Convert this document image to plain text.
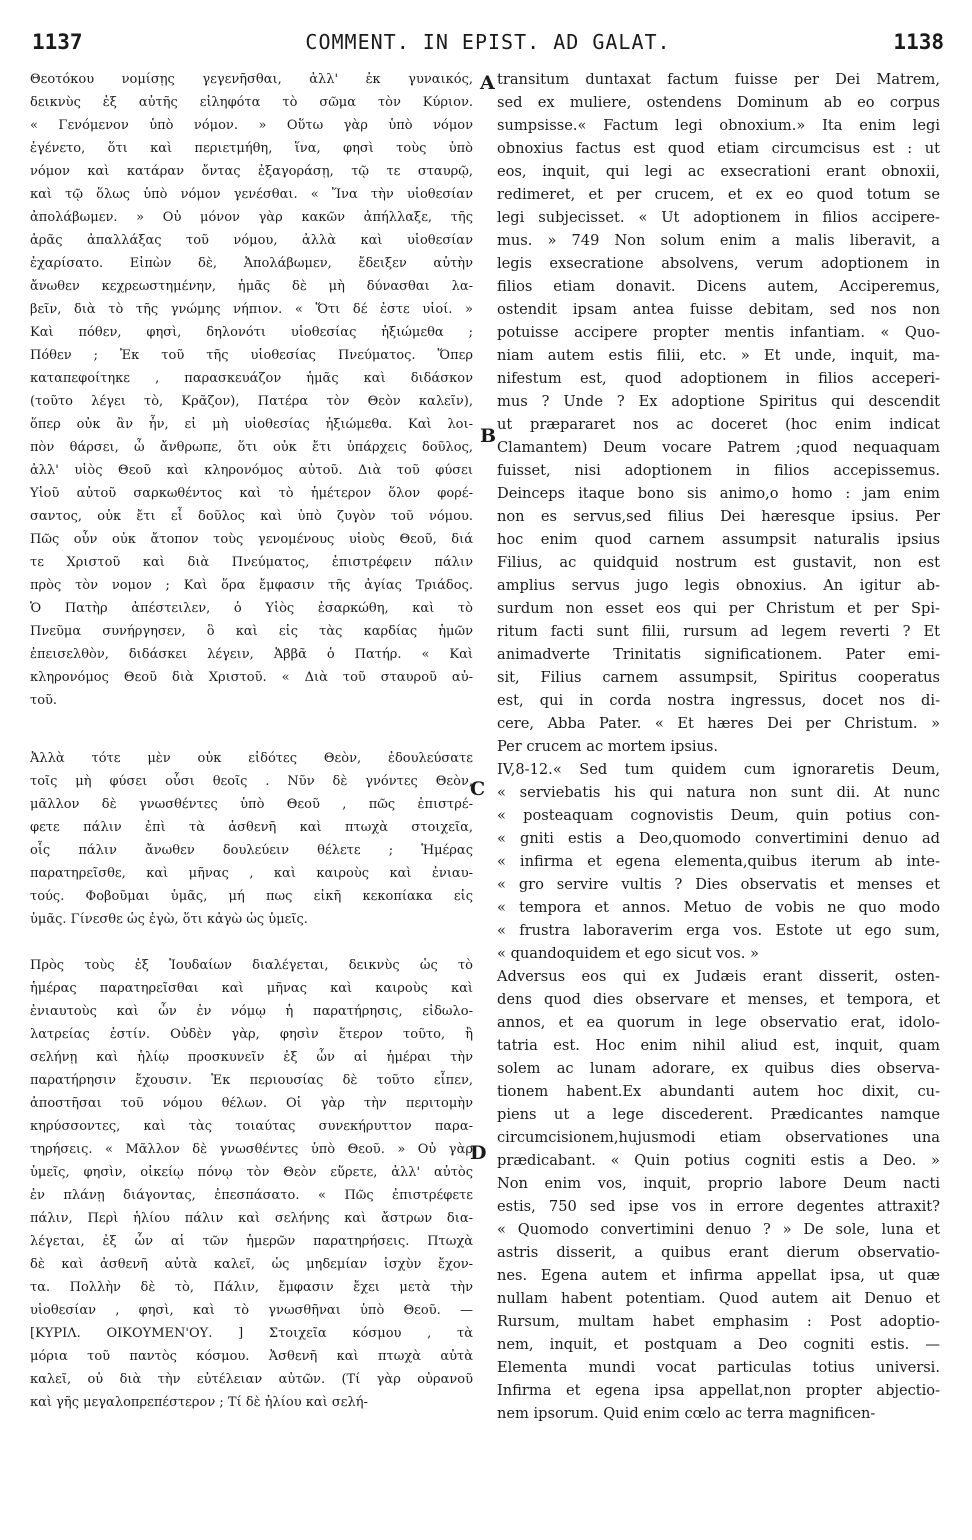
1137	COMMENT. IN EPIST. AD GALAT.	1138
A
B
C
D
Θεοτόκου νομίσῃς γεγενῆσθαι, ἀλλ' ἐκ γυναικός,
δεικνὺς ἐξ αὐτῆς εἰληφότα τὸ σῶμα τὸν Κύριον.
« Γενόμενον ὑπὸ νόμον. » Οὕτω γὰρ ὑπὸ νόμον
ἐγένετο, ὅτι καὶ περιετμήθη, ἵνα, φησὶ τοὺς ὑπὸ
νόμον καὶ κατάραν ὄντας ἐξαγοράσῃ, τῷ τε σταυρῷ,
καὶ τῷ ὅλως ὑπὸ νόμον γενέσθαι. « Ἵνα τὴν υἱοθεσίαν
ἀπολάβωμεν. » Οὐ μόνον γὰρ κακῶν ἀπήλλαξε, τῆς
ἀρᾶς ἀπαλλάξας τοῦ νόμου, ἀλλὰ καὶ υἱοθεσίαν
ἐχαρίσατο. Εἰπὼν δὲ, Ἀπολάβωμεν, ἔδειξεν αὐτὴν
ἄνωθεν κεχρεωστημένην, ἡμᾶς δὲ μὴ δύνασθαι λα-
βεῖν, διὰ τὸ τῆς γνώμης νήπιον. « Ὅτι δέ ἐστε υἱοί. »
Καὶ πόθεν, φησὶ, δηλονότι υἱοθεσίας ἠξιώμεθα ;
Πόθεν ; Ἐκ τοῦ τῆς υἱοθεσίας Πνεύματος. Ὅπερ
καταπεφοίτηκε , παρασκευάζον ἡμᾶς καὶ διδάσκον
(τοῦτο λέγει τὸ, Κρᾶζον), Πατέρα τὸν Θεὸν καλεῖν),
ὅπερ οὐκ ἂν ἦν, εἰ μὴ υἱοθεσίας ἠξιώμεθα. Καὶ λοι-
πὸν θάρσει, ὦ ἄνθρωπε, ὅτι οὐκ ἔτι ὑπάρχεις δοῦλος,
ἀλλ' υἱὸς Θεοῦ καὶ κληρονόμος αὐτοῦ. Διὰ τοῦ φύσει
Υἱοῦ αὐτοῦ σαρκωθέντος καὶ τὸ ἡμέτερον ὅλον φορέ-
σαντος, οὐκ ἔτι εἶ δοῦλος καὶ ὑπὸ ζυγὸν τοῦ νόμου.
Πῶς οὖν οὐκ ἄτοπον τοὺς γενομένους υἱοὺς Θεοῦ, διά
τε Χριστοῦ καὶ διὰ Πνεύματος, ἐπιστρέφειν πάλιν
πρὸς τὸν νομον ; Καὶ ὅρα ἔμφασιν τῆς ἁγίας Τριάδος.
Ὁ Πατὴρ ἀπέστειλεν, ὁ Υἱὸς ἐσαρκώθη, καὶ τὸ
Πνεῦμα συνήργησεν, ὃ καὶ εἰς τὰς καρδίας ἡμῶν
ἐπεισελθὸν, διδάσκει λέγειν, Ἀββᾶ ὁ Πατήρ. « Καὶ
κληρονόμος Θεοῦ διὰ Χριστοῦ. « Διὰ τοῦ σταυροῦ αὐ-
τοῦ.
Ἀλλὰ τότε μὲν οὐκ εἰδότες Θεὸν, ἐδουλεύσατε
τοῖς μὴ φύσει οὖσι θεοῖς . Νῦν δὲ γνόντες Θεὸν,
μᾶλλον δὲ γνωσθέντες ὑπὸ Θεοῦ , πῶς ἐπιστρέ-
φετε πάλιν ἐπὶ τὰ ἀσθενῆ καὶ πτωχὰ στοιχεῖα,
οἷς πάλιν ἄνωθεν δουλεύειν θέλετε ; Ἡμέρας
παρατηρεῖσθε, καὶ μῆνας , καὶ καιροὺς καὶ ἐνιαυ-
τούς. Φοβοῦμαι ὑμᾶς, μή πως εἰκῆ κεκοπίακα εἰς
ὑμᾶς. Γίνεσθε ὡς ἐγὼ, ὅτι κἀγὼ ὡς ὑμεῖς.
Πρὸς τοὺς ἐξ Ἰουδαίων διαλέγεται, δεικνὺς ὡς τὸ
ἡμέρας παρατηρεῖσθαι καὶ μῆνας καὶ καιροὺς καὶ
ἐνιαυτοὺς καὶ ὧν ἐν νόμῳ ἡ παρατήρησις, εἰδωλο-
λατρείας ἐστίν. Οὐδὲν γὰρ, φησὶν ἕτερον τοῦτο, ἢ
σελήνῃ καὶ ἡλίῳ προσκυνεῖν ἐξ ὧν αἱ ἡμέραι τὴν
παρατήρησιν ἔχουσιν. Ἐκ περιουσίας δὲ τοῦτο εἶπεν,
ἀποστῆσαι τοῦ νόμου θέλων. Οἱ γὰρ τὴν περιτομὴν
κηρύσσοντες, καὶ τὰς τοιαύτας συνεκήρυττον παρα-
τηρήσεις. « Μᾶλλον δὲ γνωσθέντες ὑπὸ Θεοῦ. » Οὐ γὰρ
ὑμεῖς, φησὶν, οἰκείῳ πόνῳ τὸν Θεὸν εὕρετε, ἀλλ' αὐτὸς
ἐν πλάνῃ διάγοντας, ἐπεσπάσατο. « Πῶς ἐπιστρέφετε
πάλιν, Περὶ ἡλίου πάλιν καὶ σελήνης καὶ ἄστρων δια-
λέγεται, ἐξ ὧν αἱ τῶν ἡμερῶν παρατηρήσεις. Πτωχὰ
δὲ καὶ ἀσθενῆ αὐτὰ καλεῖ, ὡς μηδεμίαν ἰσχὺν ἔχον-
τα. Πολλὴν δὲ τὸ, Πάλιν, ἔμφασιν ἔχει μετὰ τὴν
υἱοθεσίαν , φησὶ, καὶ τὸ γνωσθῆναι ὑπὸ Θεοῦ. —
[ΚΥΡΙΛ. ΟΙΚΟΥΜΕΝ'ΟΥ. ] Στοιχεῖα κόσμου , τὰ
μόρια τοῦ παντὸς κόσμου. Ἀσθενῆ καὶ πτωχὰ αὐτὰ
καλεῖ, οὐ διὰ τὴν εὐτέλειαν αὐτῶν. (Τί γὰρ οὐρανοῦ
καὶ γῆς μεγαλοπρεπέστερον ; Τί δὲ ἡλίου καὶ σελή-
transitum duntaxat factum fuisse per Dei Matrem,
sed ex muliere, ostendens Dominum ab eo corpus
sumpsisse.« Factum legi obnoxium.» Ita enim legi
obnoxius factus est quod etiam circumcisus est : ut
eos, inquit, qui legi ac exsecrationi erant obnoxii,
redimeret, et per crucem, et ex eo quod totum se
legi subjecisset. « Ut adoptionem in filios accipere-
mus. » 749 Non solum enim a malis liberavit, a
legis exsecratione absolvens, verum adoptionem in
filios etiam donavit. Dicens autem, Acciperemus,
ostendit ipsam antea fuisse debitam, sed nos non
potuisse accipere propter mentis infantiam. « Quo-
niam autem estis filii, etc. » Et unde, inquit, ma-
nifestum est, quod adoptionem in filios acceperi-
mus ? Unde ? Ex adoptione Spiritus qui descendit
ut præpararet nos ac doceret (hoc enim indicat
Clamantem) Deum vocare Patrem ;quod nequaquam
fuisset, nisi adoptionem in filios accepissemus.
Deinceps itaque bono sis animo,o homo : jam enim
non es servus,sed filius Dei hæresque ipsius. Per
hoc enim quod carnem assumpsit naturalis ipsius
Filius, ac quidquid nostrum est gustavit, non est
amplius servus jugo legis obnoxius. An igitur ab-
surdum non esset eos qui per Christum et per Spi-
ritum facti sunt filii, rursum ad legem reverti ? Et
animadverte Trinitatis significationem. Pater emi-
sit, Filius carnem assumpsit, Spiritus cooperatus
est, qui in corda nostra ingressus, docet nos di-
cere, Abba Pater. « Et hæres Dei per Christum. »
Per crucem ac mortem ipsius.
IV,8-12.« Sed tum quidem cum ignoraretis Deum,
« serviebatis his qui natura non sunt dii. At nunc
« posteaquam cognovistis Deum, quin potius con-
« gniti estis a Deo,quomodo convertimini denuo ad
« infirma et egena elementa,quibus iterum ab inte-
« gro servire vultis ? Dies observatis et menses et
« tempora et annos. Metuo de vobis ne quo modo
« frustra laboraverim erga vos. Estote ut ego sum,
« quandoquidem et ego sicut vos. »
Adversus eos qui ex Judæis erant disserit, osten-
dens quod dies observare et menses, et tempora, et
annos, et ea quorum in lege observatio erat, idolo-
tatria est. Hoc enim nihil aliud est, inquit, quam
solem ac lunam adorare, ex quibus dies observa-
tionem habent.Ex abundanti autem hoc dixit, cu-
piens ut a lege discederent. Prædicantes namque
circumcisionem,hujusmodi etiam observationes una
prædicabant. « Quin potius cogniti estis a Deo. »
Non enim vos, inquit, proprio labore Deum nacti
estis, 750 sed ipse vos in errore degentes attraxit?
« Quomodo convertimini denuo ? » De sole, luna et
astris disserit, a quibus erant dierum observatio-
nes. Egena autem et infirma appellat ipsa, ut quæ
nullam habent potentiam. Quod autem ait Denuo et
Rursum, multam habet emphasim : Post adoptio-
nem, inquit, et postquam a Deo cogniti estis. —
Elementa mundi vocat particulas totius universi.
Infirma et egena ipsa appellat,non propter abjectio-
nem ipsorum. Quid enim cœlo ac terra magnificen-
